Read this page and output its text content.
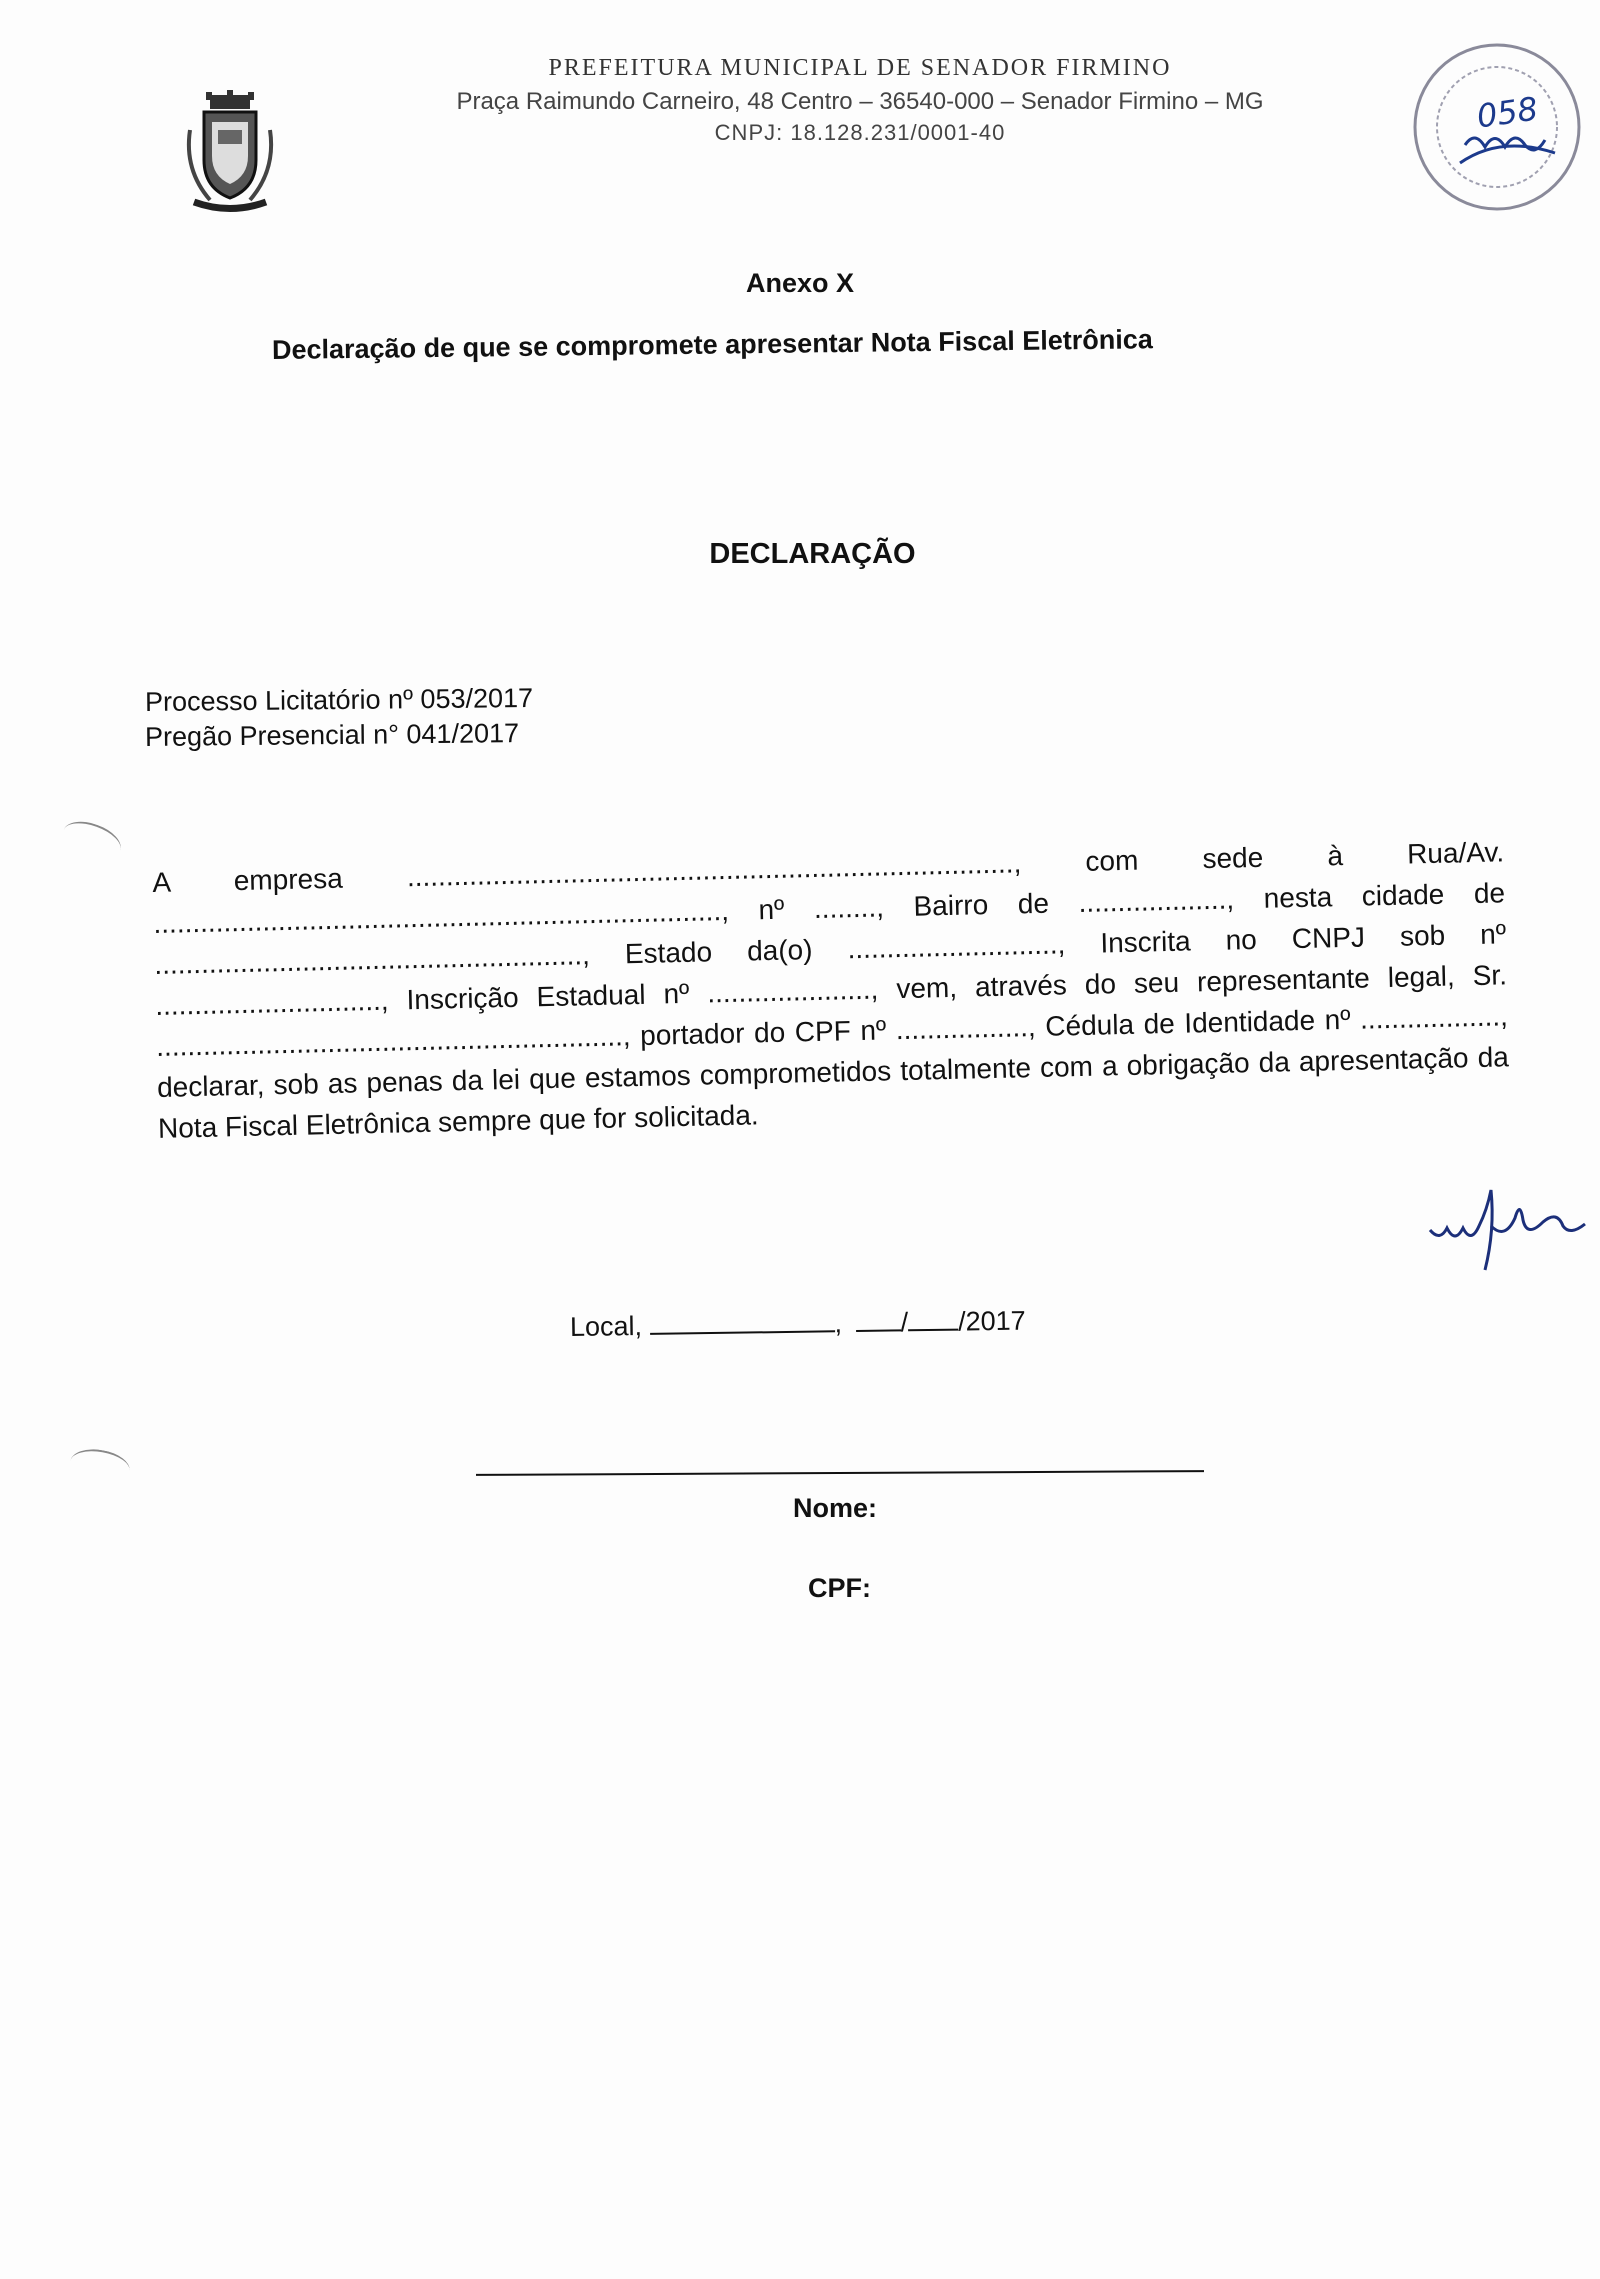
PREFEITURA MUNICIPAL DE SENADOR FIRMINO
Praça Raimundo Carneiro, 48 Centro – 36540-000 – Senador Firmino – MG
CNPJ: 18.128.231/0001-40	058
Anexo X
Declaração de que se compromete apresentar Nota Fiscal Eletrônica
DECLARAÇÃO
Processo Licitatório nº 053/2017
Pregão Presencial n° 041/2017

A empresa .............................................................................., com sede à Rua/Av. ........................................................................., nº ........, Bairro de ..................., nesta cidade de ......................................................., Estado da(o) ..........................., Inscrita no CNPJ sob nº ............................., Inscrição Estadual nº ....................., vem, através do seu representante legal, Sr. ............................................................, portador do CPF nº ................., Cédula de Identidade nº .................., declarar, sob as penas da lei que estamos comprometidos totalmente com a obrigação da apresentação da Nota Fiscal Eletrônica sempre que for solicitada.

Local,	, / /2017
Nome:
CPF:
